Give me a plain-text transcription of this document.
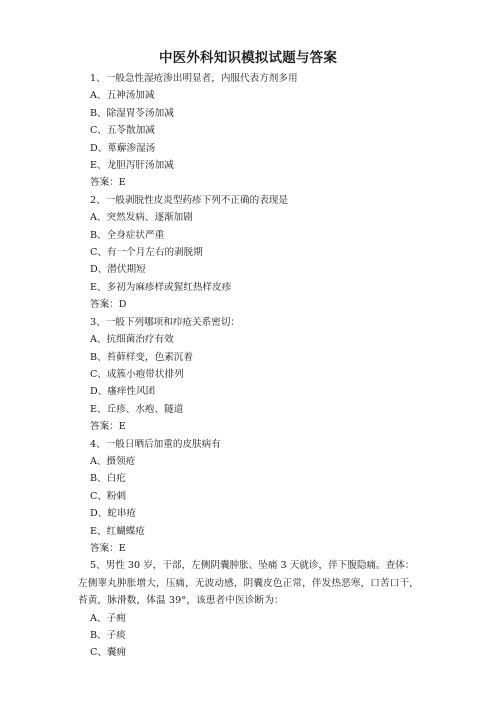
中医外科知识模拟试题与答案
1、一般急性湿疮渗出明显者，内服代表方剂多用
A、五神汤加减
B、除湿胃苓汤加减
C、五苓散加减
D、萆薢渗湿汤
E、龙胆泻肝汤加减
答案：E
2、一般剥脱性皮炎型药疹下列不正确的表现是
A、突然发病、逐渐加剧
B、全身症状严重
C、有一个月左右的剥脱期
D、潜伏期短
E、多初为麻疹样或猩红热样皮疹
答案：D
3、一般下列哪项和疖疮关系密切：
A、抗细菌治疗有效
B、苔藓样变，色素沉着
C、成簇小疱带状排列
D、瘙痒性风团
E、丘疹、水疱、隧道
答案：E
4、一般日晒后加重的皮肤病有
A、摄领疮
B、白疕
C、粉刺
D、蛇串疮
E、红蝴蝶疮
答案：E
5、男性 30 岁，干部，左侧阴囊肿胀、坠痛 3 天就诊，伴下腹隐痛。查体：
左侧睾丸肿胀增大，压痛，无波动感，阴囊皮色正常，伴发热恶寒，口苦口干，
苔黄，脉滑数，体温 39°，该患者中医诊断为：
A、子痈
B、子痰
C、囊痈
